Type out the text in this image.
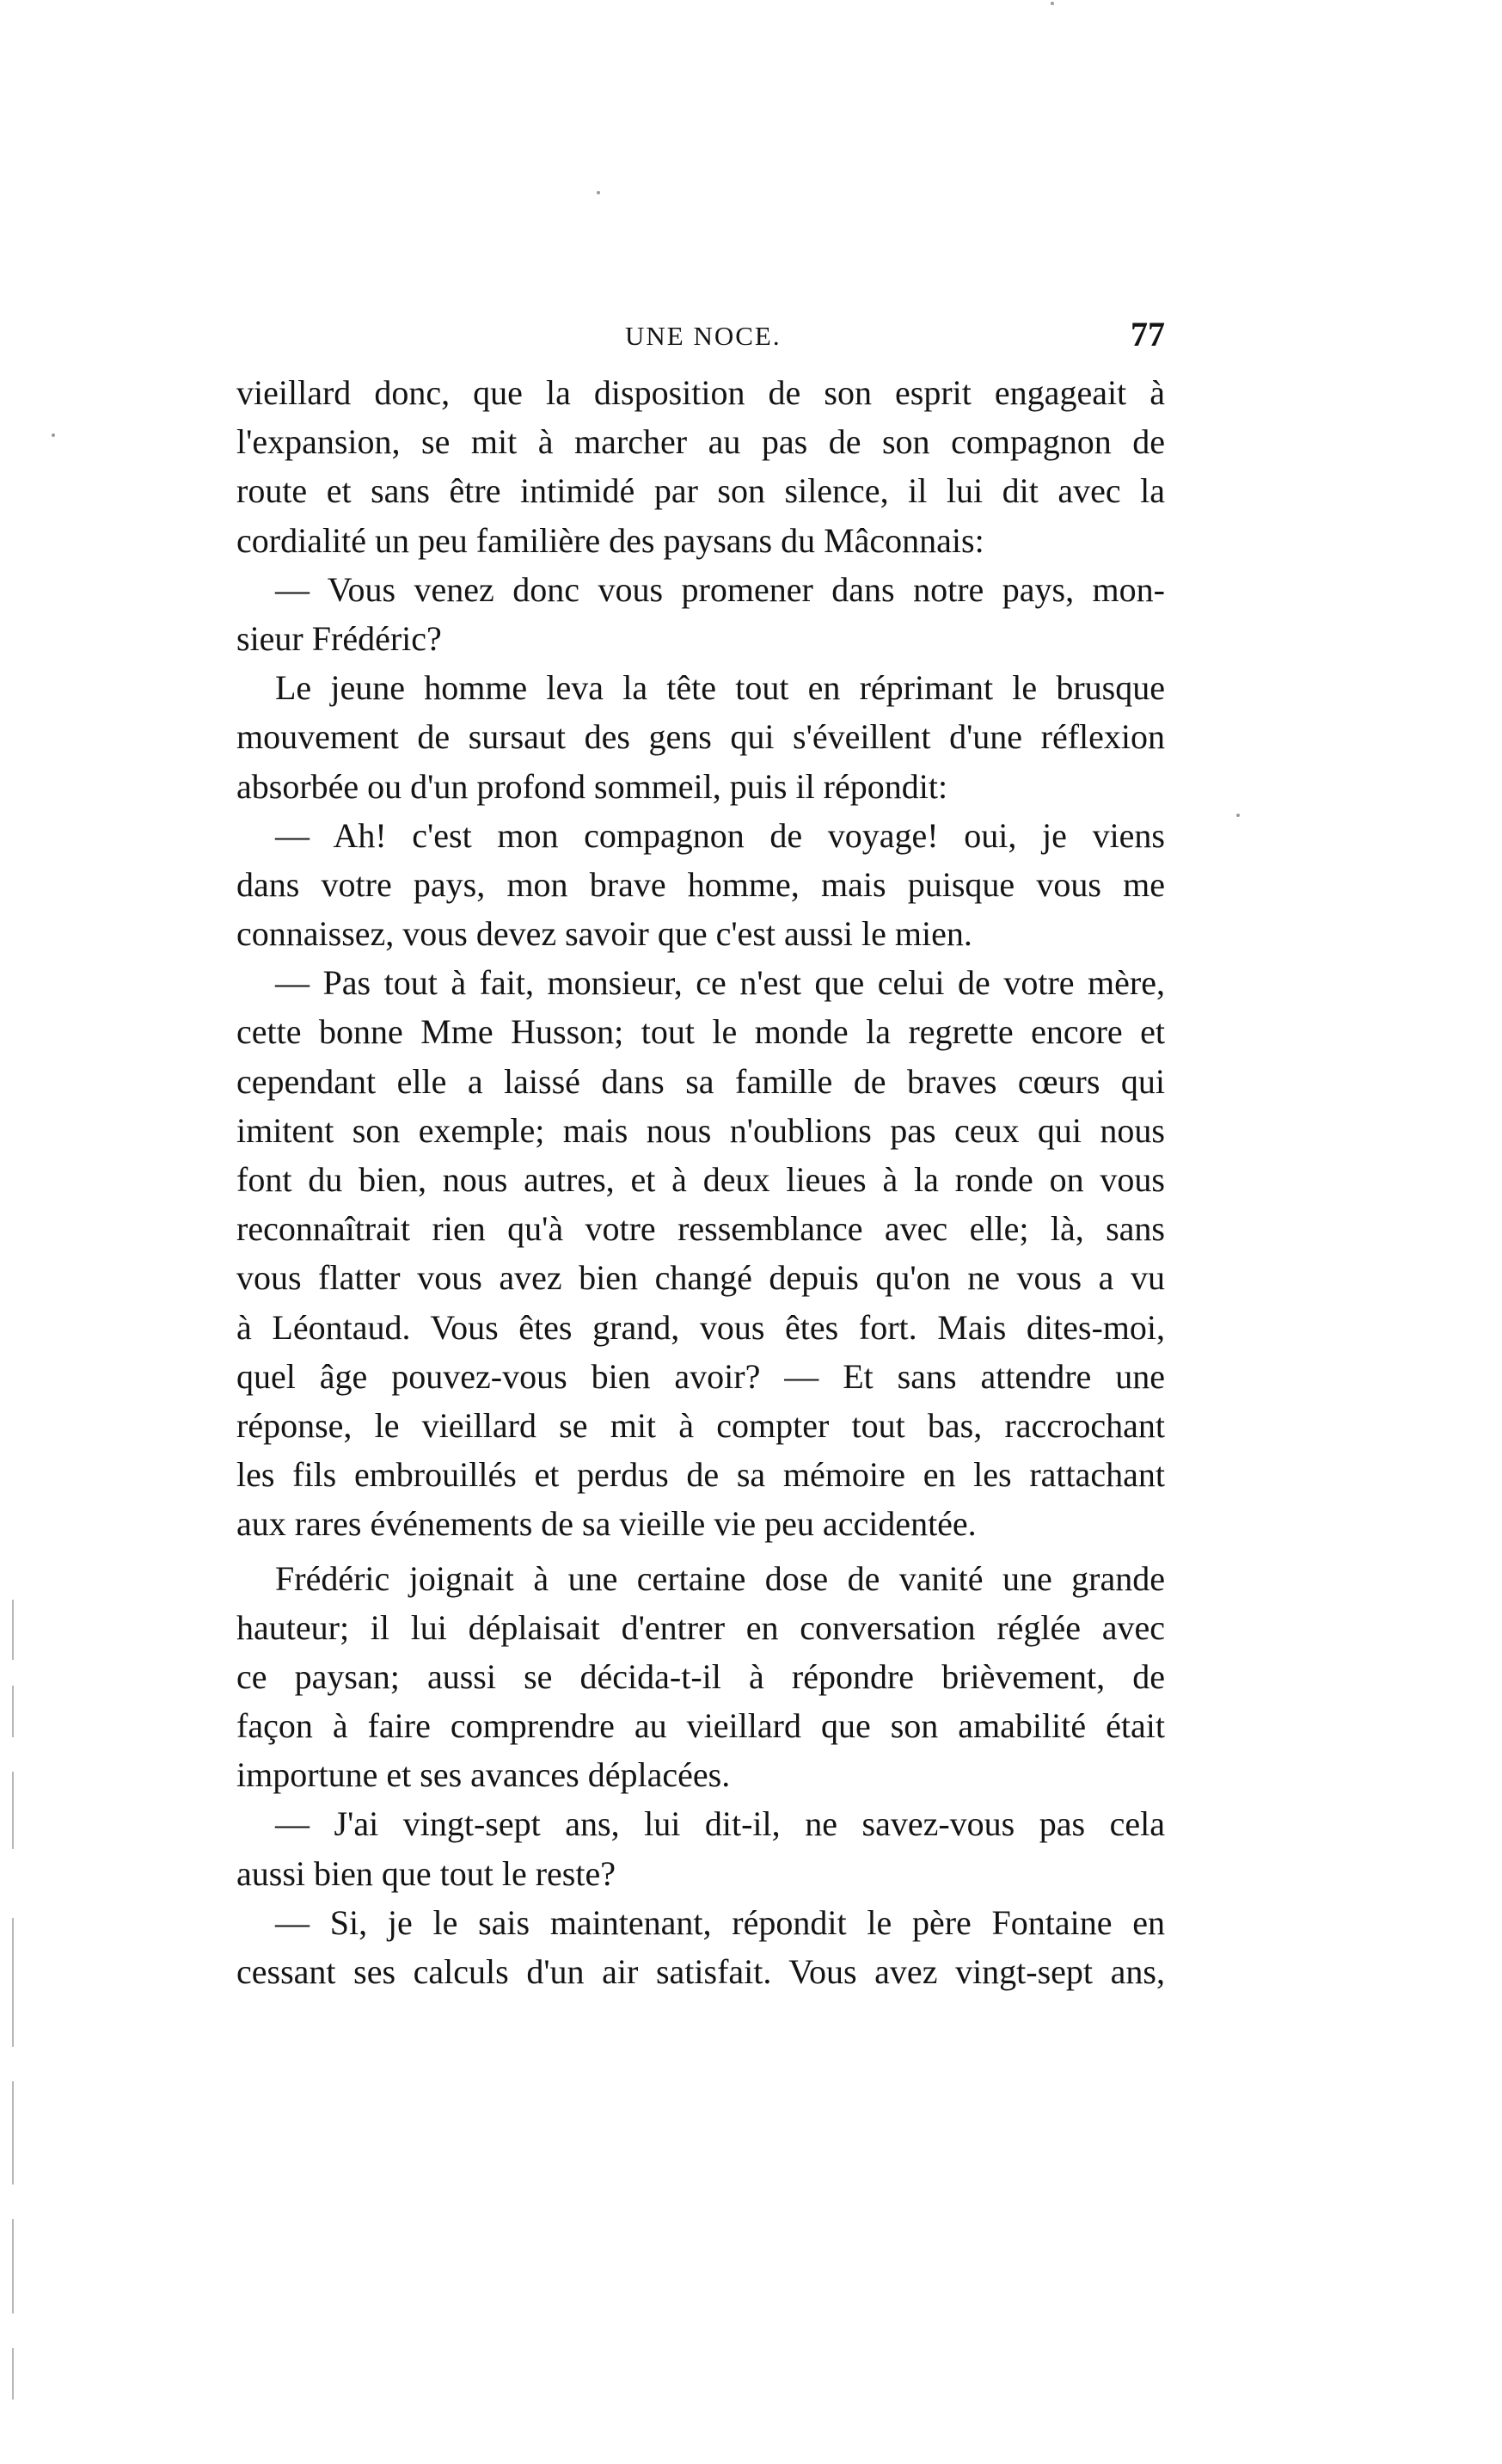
UNE NOCE.	77
vieillard donc, que la disposition de son esprit engageait à
l'expansion, se mit à marcher au pas de son compagnon de
route et sans être intimidé par son silence, il lui dit avec la
cordialité un peu familière des paysans du Mâconnais:
— Vous venez donc vous promener dans notre pays, mon-
sieur Frédéric?
Le jeune homme leva la tête tout en réprimant le brusque
mouvement de sursaut des gens qui s'éveillent d'une réflexion
absorbée ou d'un profond sommeil, puis il répondit:
— Ah! c'est mon compagnon de voyage! oui, je viens
dans votre pays, mon brave homme, mais puisque vous me
connaissez, vous devez savoir que c'est aussi le mien.
— Pas tout à fait, monsieur, ce n'est que celui de votre mère,
cette bonne Mme Husson; tout le monde la regrette encore et
cependant elle a laissé dans sa famille de braves cœurs qui
imitent son exemple; mais nous n'oublions pas ceux qui nous
font du bien, nous autres, et à deux lieues à la ronde on vous
reconnaîtrait rien qu'à votre ressemblance avec elle; là, sans
vous flatter vous avez bien changé depuis qu'on ne vous a vu
à Léontaud. Vous êtes grand, vous êtes fort. Mais dites-moi,
quel âge pouvez-vous bien avoir? — Et sans attendre une
réponse, le vieillard se mit à compter tout bas, raccrochant
les fils embrouillés et perdus de sa mémoire en les rattachant
aux rares événements de sa vieille vie peu accidentée.
Frédéric joignait à une certaine dose de vanité une grande
hauteur; il lui déplaisait d'entrer en conversation réglée avec
ce paysan; aussi se décida-t-il à répondre brièvement, de
façon à faire comprendre au vieillard que son amabilité était
importune et ses avances déplacées.
— J'ai vingt-sept ans, lui dit-il, ne savez-vous pas cela
aussi bien que tout le reste?
— Si, je le sais maintenant, répondit le père Fontaine en
cessant ses calculs d'un air satisfait. Vous avez vingt-sept ans,
